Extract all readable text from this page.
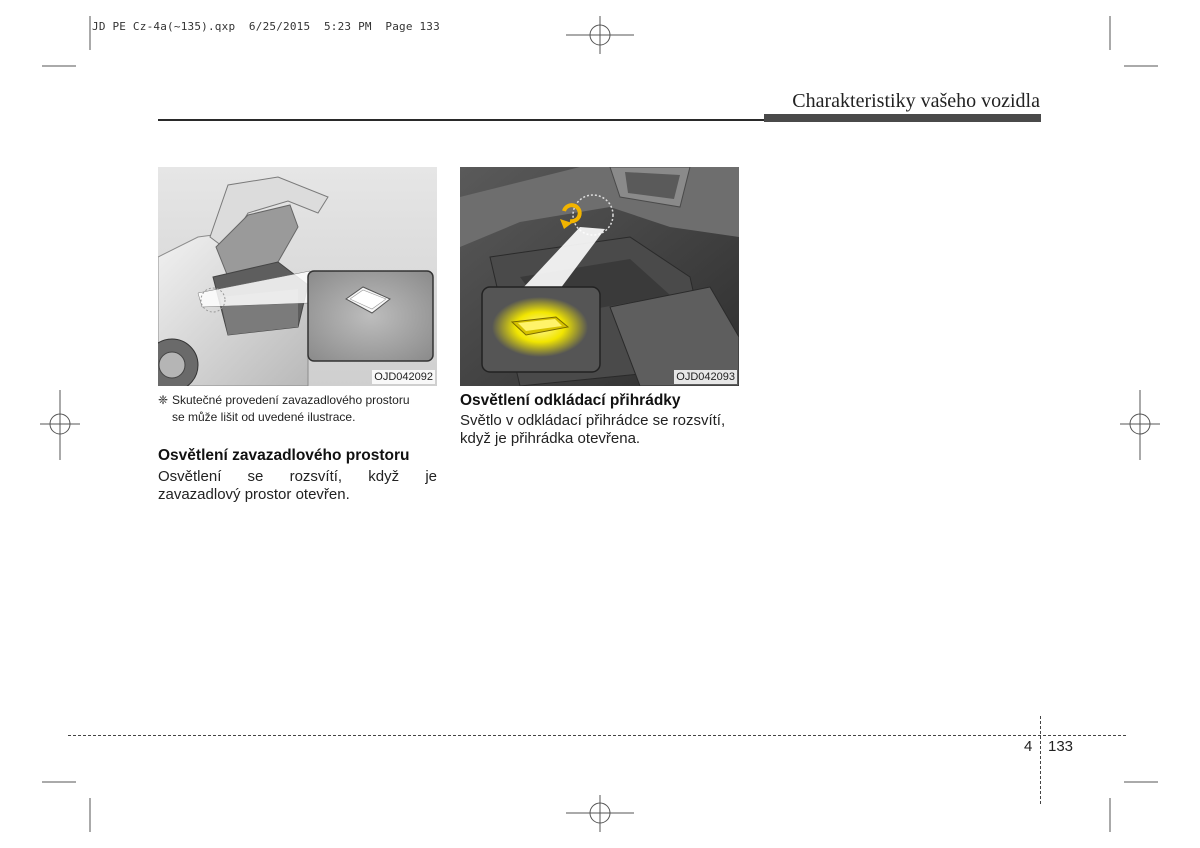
JD PE Cz-4a(~135).qxp  6/25/2015  5:23 PM  Page 133
Charakteristiky vašeho vozidla
OJD042092	OJD042093
❈ Skutečné provedení zavazadlového prostoru
se může lišit od uvedené ilustrace.
Osvětlení zavazadlového prostoru
Osvětlení se rozsvítí, když je
zavazadlový prostor otevřen.
Osvětlení odkládací přihrádky
Světlo v odkládací přihrádce se rozsvítí,
když je přihrádka otevřena.
4 133
